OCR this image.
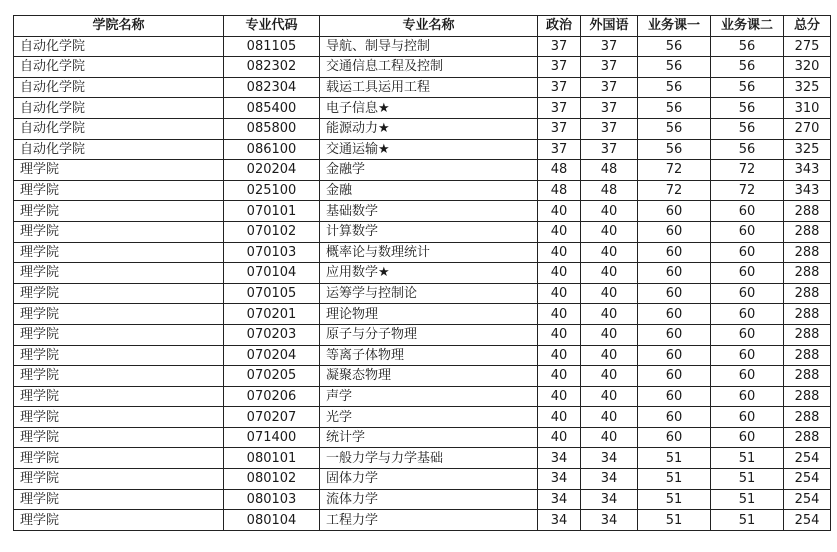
学院名称	专业代码	专业名称	政治	外国语	业务课一	业务课二	总分
自动化学院	081105	导航、制导与控制	37	37	56	56	275
自动化学院	082302	交通信息工程及控制	37	37	56	56	320
自动化学院	082304	载运工具运用工程	37	37	56	56	325
自动化学院	085400	电子信息★	37	37	56	56	310
自动化学院	085800	能源动力★	37	37	56	56	270
自动化学院	086100	交通运输★	37	37	56	56	325
理学院	020204	金融学	48	48	72	72	343
理学院	025100	金融	48	48	72	72	343
理学院	070101	基础数学	40	40	60	60	288
理学院	070102	计算数学	40	40	60	60	288
理学院	070103	概率论与数理统计	40	40	60	60	288
理学院	070104	应用数学★	40	40	60	60	288
理学院	070105	运筹学与控制论	40	40	60	60	288
理学院	070201	理论物理	40	40	60	60	288
理学院	070203	原子与分子物理	40	40	60	60	288
理学院	070204	等离子体物理	40	40	60	60	288
理学院	070205	凝聚态物理	40	40	60	60	288
理学院	070206	声学	40	40	60	60	288
理学院	070207	光学	40	40	60	60	288
理学院	071400	统计学	40	40	60	60	288
理学院	080101	一般力学与力学基础	34	34	51	51	254
理学院	080102	固体力学	34	34	51	51	254
理学院	080103	流体力学	34	34	51	51	254
理学院	080104	工程力学	34	34	51	51	254
